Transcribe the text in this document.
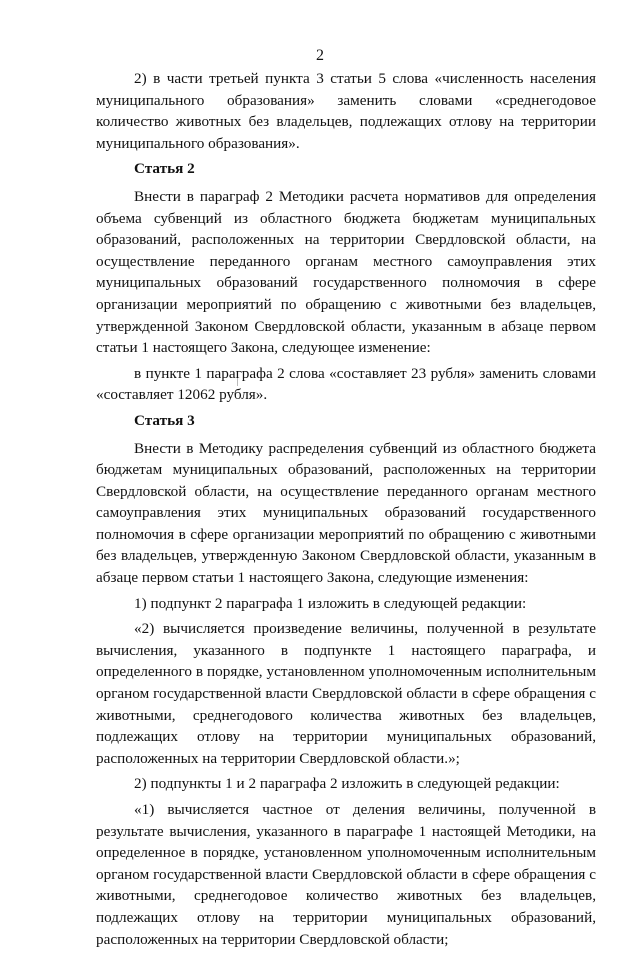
2

2) в части третьей пункта 3 статьи 5 слова «численность населения муниципального образования» заменить словами «среднегодовое количество животных без владельцев, подлежащих отлову на территории муниципального образования».

Статья 2

Внести в параграф 2 Методики расчета нормативов для определения объема субвенций из областного бюджета бюджетам муниципальных образований, расположенных на территории Свердловской области, на осуществление переданного органам местного самоуправления этих муниципальных образований государственного полномочия в сфере организации мероприятий по обращению с животными без владельцев, утвержденной Законом Свердловской области, указанным в абзаце первом статьи 1 настоящего Закона, следующее изменение:

в пункте 1 параграфа 2 слова «составляет 23 рубля» заменить словами «составляет 12062 рубля».

Статья 3

Внести в Методику распределения субвенций из областного бюджета бюджетам муниципальных образований, расположенных на территории Свердловской области, на осуществление переданного органам местного самоуправления этих муниципальных образований государственного полномочия в сфере организации мероприятий по обращению с животными без владельцев, утвержденную Законом Свердловской области, указанным в абзаце первом статьи 1 настоящего Закона, следующие изменения:

1) подпункт 2 параграфа 1 изложить в следующей редакции:

«2) вычисляется произведение величины, полученной в результате вычисления, указанного в подпункте 1 настоящего параграфа, и определенного в порядке, установленном уполномоченным исполнительным органом государственной власти Свердловской области в сфере обращения с животными, среднегодового количества животных без владельцев, подлежащих отлову на территории муниципальных образований, расположенных на территории Свердловской области.»;

2) подпункты 1 и 2 параграфа 2 изложить в следующей редакции:

«1) вычисляется частное от деления величины, полученной в результате вычисления, указанного в параграфе 1 настоящей Методики, на определенное в порядке, установленном уполномоченным исполнительным органом государственной власти Свердловской области в сфере обращения с животными, среднегодовое количество животных без владельцев, подлежащих отлову на территории муниципальных образований, расположенных на территории Свердловской области;
